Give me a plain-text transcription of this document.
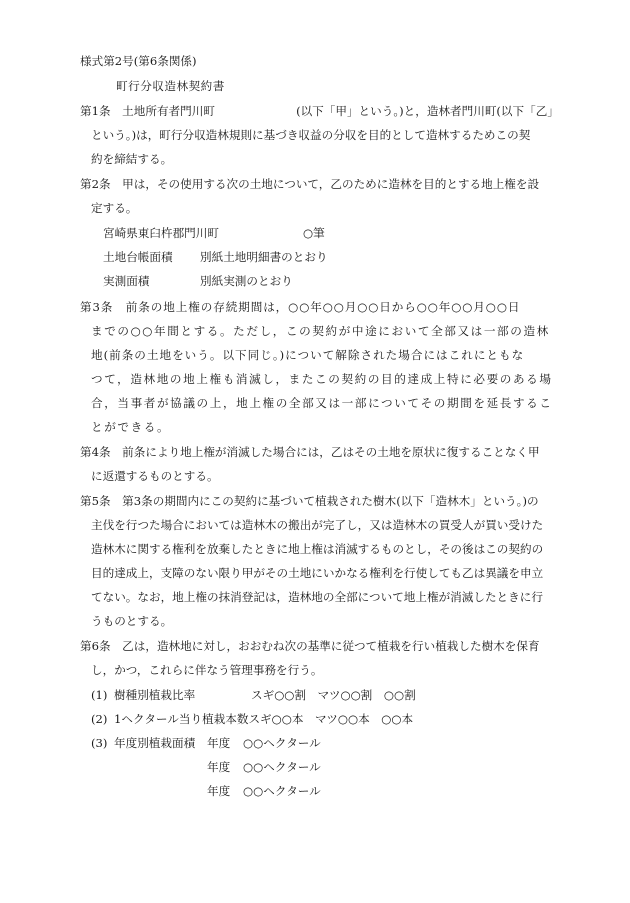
様式第2号(第6条関係)
町行分収造林契約書
第1条　土地所有者門川町　　　　　　　(以下「甲」という。)と，造林者門川町(以下「乙」
という。)は，町行分収造林規則に基づき収益の分収を目的として造林するためこの契
約を締結する。
第2条　甲は，その使用する次の土地について，乙のために造林を目的とする地上権を設
定する。
宮崎県東臼杵郡門川町	○筆
土地台帳面積 別紙土地明細書のとおり
実測面積	別紙実測のとおり
第3条　前条の地上権の存続期間は，○○年○○月○○日から○○年○○月○○日
までの○○年間とする。ただし，この契約が中途において全部又は一部の造林
地(前条の土地をいう。以下同じ。)について解除された場合にはこれにともな
つて，造林地の地上権も消滅し，またこの契約の目的達成上特に必要のある場
合，当事者が協議の上，地上権の全部又は一部についてその期間を延長するこ
とができる。
第4条　前条により地上権が消滅した場合には，乙はその土地を原状に復することなく甲
に返還するものとする。
第5条　第3条の期間内にこの契約に基づいて植栽された樹木(以下「造林木」という。)の
主伐を行つた場合においては造林木の搬出が完了し，又は造林木の買受人が買い受けた
造林木に関する権利を放棄したときに地上権は消滅するものとし，その後はこの契約の
目的達成上，支障のない限り甲がその土地にいかなる権利を行使しても乙は異議を申立
てない。なお，地上権の抹消登記は，造林地の全部について地上権が消滅したときに行
うものとする。
第6条　乙は，造林地に対し，おおむね次の基準に従つて植栽を行い植栽した樹木を保育
し，かつ，これらに伴なう管理事務を行う。
(1) 樹種別植栽比率	スギ○○割　マツ○○割　○○割
(2) 1ヘクタール当り植栽本数スギ○○本　マツ○○本　○○本
(3) 年度別植栽面積 年度 ○○ヘクタール
年度 ○○ヘクタール
年度 ○○ヘクタール
